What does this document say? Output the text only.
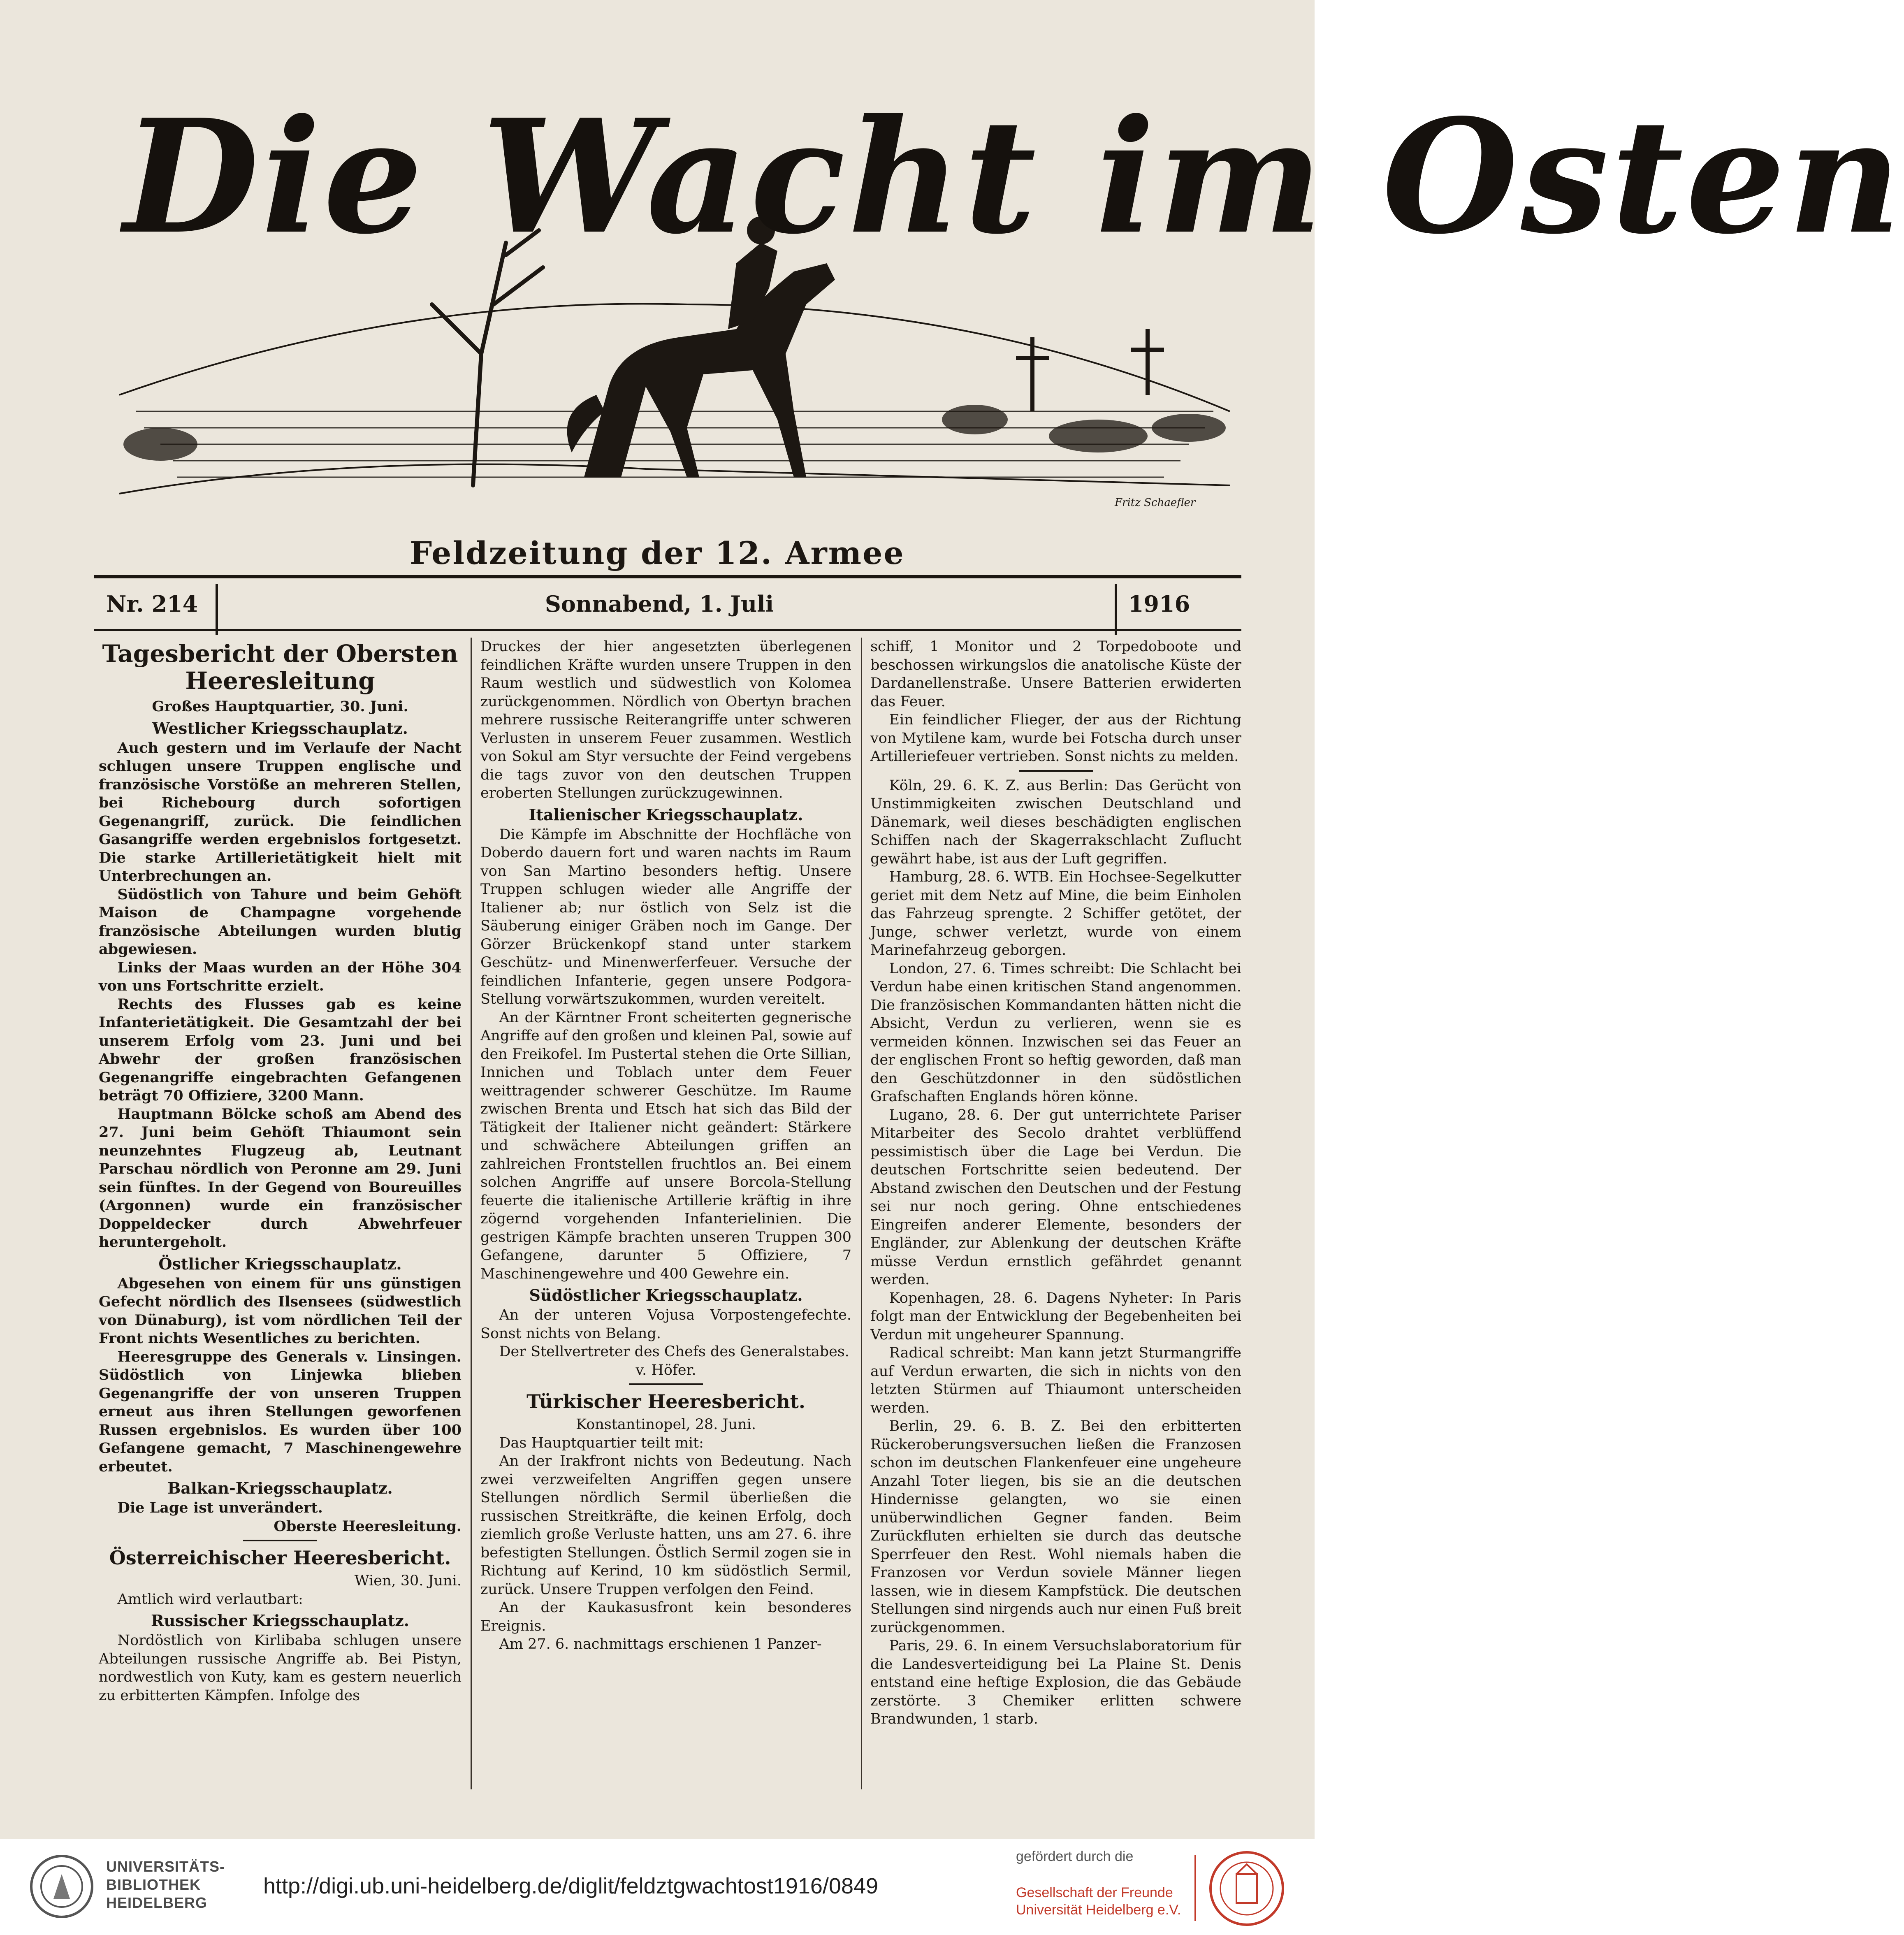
Fritz Schaefler
Die Wacht im Osten
Feldzeitung der 12. Armee
Nr. 214	Sonnabend, 1. Juli	1916
Tagesbericht der Obersten Heeresleitung

Großes Hauptquartier, 30. Juni.

Westlicher Kriegsschauplatz.

Auch gestern und im Verlaufe der Nacht schlugen unsere Truppen englische und französische Vorstöße an mehreren Stellen, bei Richebourg durch sofortigen Gegenangriff, zurück. Die feindlichen Gasangriffe werden ergebnislos fortgesetzt. Die starke Artillerietätigkeit hielt mit Unterbrechungen an.

Südöstlich von Tahure und beim Gehöft Maison de Champagne vorgehende französische Abteilungen wurden blutig abgewiesen.

Links der Maas wurden an der Höhe 304 von uns Fortschritte erzielt.

Rechts des Flusses gab es keine Infanterietätigkeit. Die Gesamtzahl der bei unserem Erfolg vom 23. Juni und bei Abwehr der großen französischen Gegenangriffe eingebrachten Gefangenen beträgt 70 Offiziere, 3200 Mann.

Hauptmann Bölcke schoß am Abend des 27. Juni beim Gehöft Thiaumont sein neunzehntes Flugzeug ab, Leutnant Parschau nördlich von Peronne am 29. Juni sein fünftes. In der Gegend von Boureuilles (Argonnen) wurde ein französischer Doppeldecker durch Abwehrfeuer heruntergeholt.

Östlicher Kriegsschauplatz.

Abgesehen von einem für uns günstigen Gefecht nördlich des Ilsensees (südwestlich von Dünaburg), ist vom nördlichen Teil der Front nichts Wesentliches zu berichten.

Heeresgruppe des Generals v. Linsingen. Südöstlich von Linjewka blieben Gegenangriffe der von unseren Truppen erneut aus ihren Stellungen geworfenen Russen ergebnislos. Es wurden über 100 Gefangene gemacht, 7 Maschinengewehre erbeutet.

Balkan-Kriegsschauplatz.

Die Lage ist unverändert.

Oberste Heeresleitung.

Österreichischer Heeresbericht.

Wien, 30. Juni.

Amtlich wird verlautbart:

Russischer Kriegsschauplatz.

Nordöstlich von Kirlibaba schlugen unsere Abteilungen russische Angriffe ab. Bei Pistyn, nordwestlich von Kuty, kam es gestern neuerlich zu erbitterten Kämpfen. Infolge des

Druckes der hier angesetzten überlegenen feindlichen Kräfte wurden unsere Truppen in den Raum westlich und südwestlich von Kolomea zurückgenommen. Nördlich von Obertyn brachen mehrere russische Reiterangriffe unter schweren Verlusten in unserem Feuer zusammen. Westlich von Sokul am Styr versuchte der Feind vergebens die tags zuvor von den deutschen Truppen eroberten Stellungen zurückzugewinnen.

Italienischer Kriegsschauplatz.

Die Kämpfe im Abschnitte der Hochfläche von Doberdo dauern fort und waren nachts im Raum von San Martino besonders heftig. Unsere Truppen schlugen wieder alle Angriffe der Italiener ab; nur östlich von Selz ist die Säuberung einiger Gräben noch im Gange. Der Görzer Brückenkopf stand unter starkem Geschütz- und Minenwerferfeuer. Versuche der feindlichen Infanterie, gegen unsere Podgora-Stellung vorwärtszukommen, wurden vereitelt.

An der Kärntner Front scheiterten gegnerische Angriffe auf den großen und kleinen Pal, sowie auf den Freikofel. Im Pustertal stehen die Orte Sillian, Innichen und Toblach unter dem Feuer weittragender schwerer Geschütze. Im Raume zwischen Brenta und Etsch hat sich das Bild der Tätigkeit der Italiener nicht geändert: Stärkere und schwächere Abteilungen griffen an zahlreichen Frontstellen fruchtlos an. Bei einem solchen Angriffe auf unsere Borcola-Stellung feuerte die italienische Artillerie kräftig in ihre zögernd vorgehenden Infanterielinien. Die gestrigen Kämpfe brachten unseren Truppen 300 Gefangene, darunter 5 Offiziere, 7 Maschinengewehre und 400 Gewehre ein.

Südöstlicher Kriegsschauplatz.

An der unteren Vojusa Vorpostengefechte. Sonst nichts von Belang.

Der Stellvertreter des Chefs des Generalstabes.

v. Höfer.

Türkischer Heeresbericht.

Konstantinopel, 28. Juni.

Das Hauptquartier teilt mit:

An der Irakfront nichts von Bedeutung. Nach zwei verzweifelten Angriffen gegen unsere Stellungen nördlich Sermil überließen die russischen Streitkräfte, die keinen Erfolg, doch ziemlich große Verluste hatten, uns am 27. 6. ihre befestigten Stellungen. Östlich Sermil zogen sie in Richtung auf Kerind, 10 km südöstlich Sermil, zurück. Unsere Truppen verfolgen den Feind.

An der Kaukasusfront kein besonderes Ereignis.

Am 27. 6. nachmittags erschienen 1 Panzer-

schiff, 1 Monitor und 2 Torpedoboote und beschossen wirkungslos die anatolische Küste der Dardanellenstraße. Unsere Batterien erwiderten das Feuer.

Ein feindlicher Flieger, der aus der Richtung von Mytilene kam, wurde bei Fotscha durch unser Artilleriefeuer vertrieben. Sonst nichts zu melden.

Köln, 29. 6. K. Z. aus Berlin: Das Gerücht von Unstimmigkeiten zwischen Deutschland und Dänemark, weil dieses beschädigten englischen Schiffen nach der Skagerrakschlacht Zuflucht gewährt habe, ist aus der Luft gegriffen.

Hamburg, 28. 6. WTB. Ein Hochsee-Segelkutter geriet mit dem Netz auf Mine, die beim Einholen das Fahrzeug sprengte. 2 Schiffer getötet, der Junge, schwer verletzt, wurde von einem Marinefahrzeug geborgen.

London, 27. 6. Times schreibt: Die Schlacht bei Verdun habe einen kritischen Stand angenommen. Die französischen Kommandanten hätten nicht die Absicht, Verdun zu verlieren, wenn sie es vermeiden können. Inzwischen sei das Feuer an der englischen Front so heftig geworden, daß man den Geschützdonner in den südöstlichen Grafschaften Englands hören könne.

Lugano, 28. 6. Der gut unterrichtete Pariser Mitarbeiter des Secolo drahtet verblüffend pessimistisch über die Lage bei Verdun. Die deutschen Fortschritte seien bedeutend. Der Abstand zwischen den Deutschen und der Festung sei nur noch gering. Ohne entschiedenes Eingreifen anderer Elemente, besonders der Engländer, zur Ablenkung der deutschen Kräfte müsse Verdun ernstlich gefährdet genannt werden.

Kopenhagen, 28. 6. Dagens Nyheter: In Paris folgt man der Entwicklung der Begebenheiten bei Verdun mit ungeheurer Spannung.

Radical schreibt: Man kann jetzt Sturmangriffe auf Verdun erwarten, die sich in nichts von den letzten Stürmen auf Thiaumont unterscheiden werden.

Berlin, 29. 6. B. Z. Bei den erbitterten Rückeroberungsversuchen ließen die Franzosen schon im deutschen Flankenfeuer eine ungeheure Anzahl Toter liegen, bis sie an die deutschen Hindernisse gelangten, wo sie einen unüberwindlichen Gegner fanden. Beim Zurückfluten erhielten sie durch das deutsche Sperrfeuer den Rest. Wohl niemals haben die Franzosen vor Verdun soviele Männer liegen lassen, wie in diesem Kampfstück. Die deutschen Stellungen sind nirgends auch nur einen Fuß breit zurückgenommen.

Paris, 29. 6. In einem Versuchslaboratorium für die Landesverteidigung bei La Plaine St. Denis entstand eine heftige Explosion, die das Gebäude zerstörte. 3 Chemiker erlitten schwere Brandwunden, 1 starb.

UNIVERSITÄTS-
BIBLIOTHEK
HEIDELBERG
http://digi.ub.uni-heidelberg.de/diglit/feldztgwachtost1916/0849
gefördert durch die
Gesellschaft der Freunde
Universität Heidelberg e.V.
